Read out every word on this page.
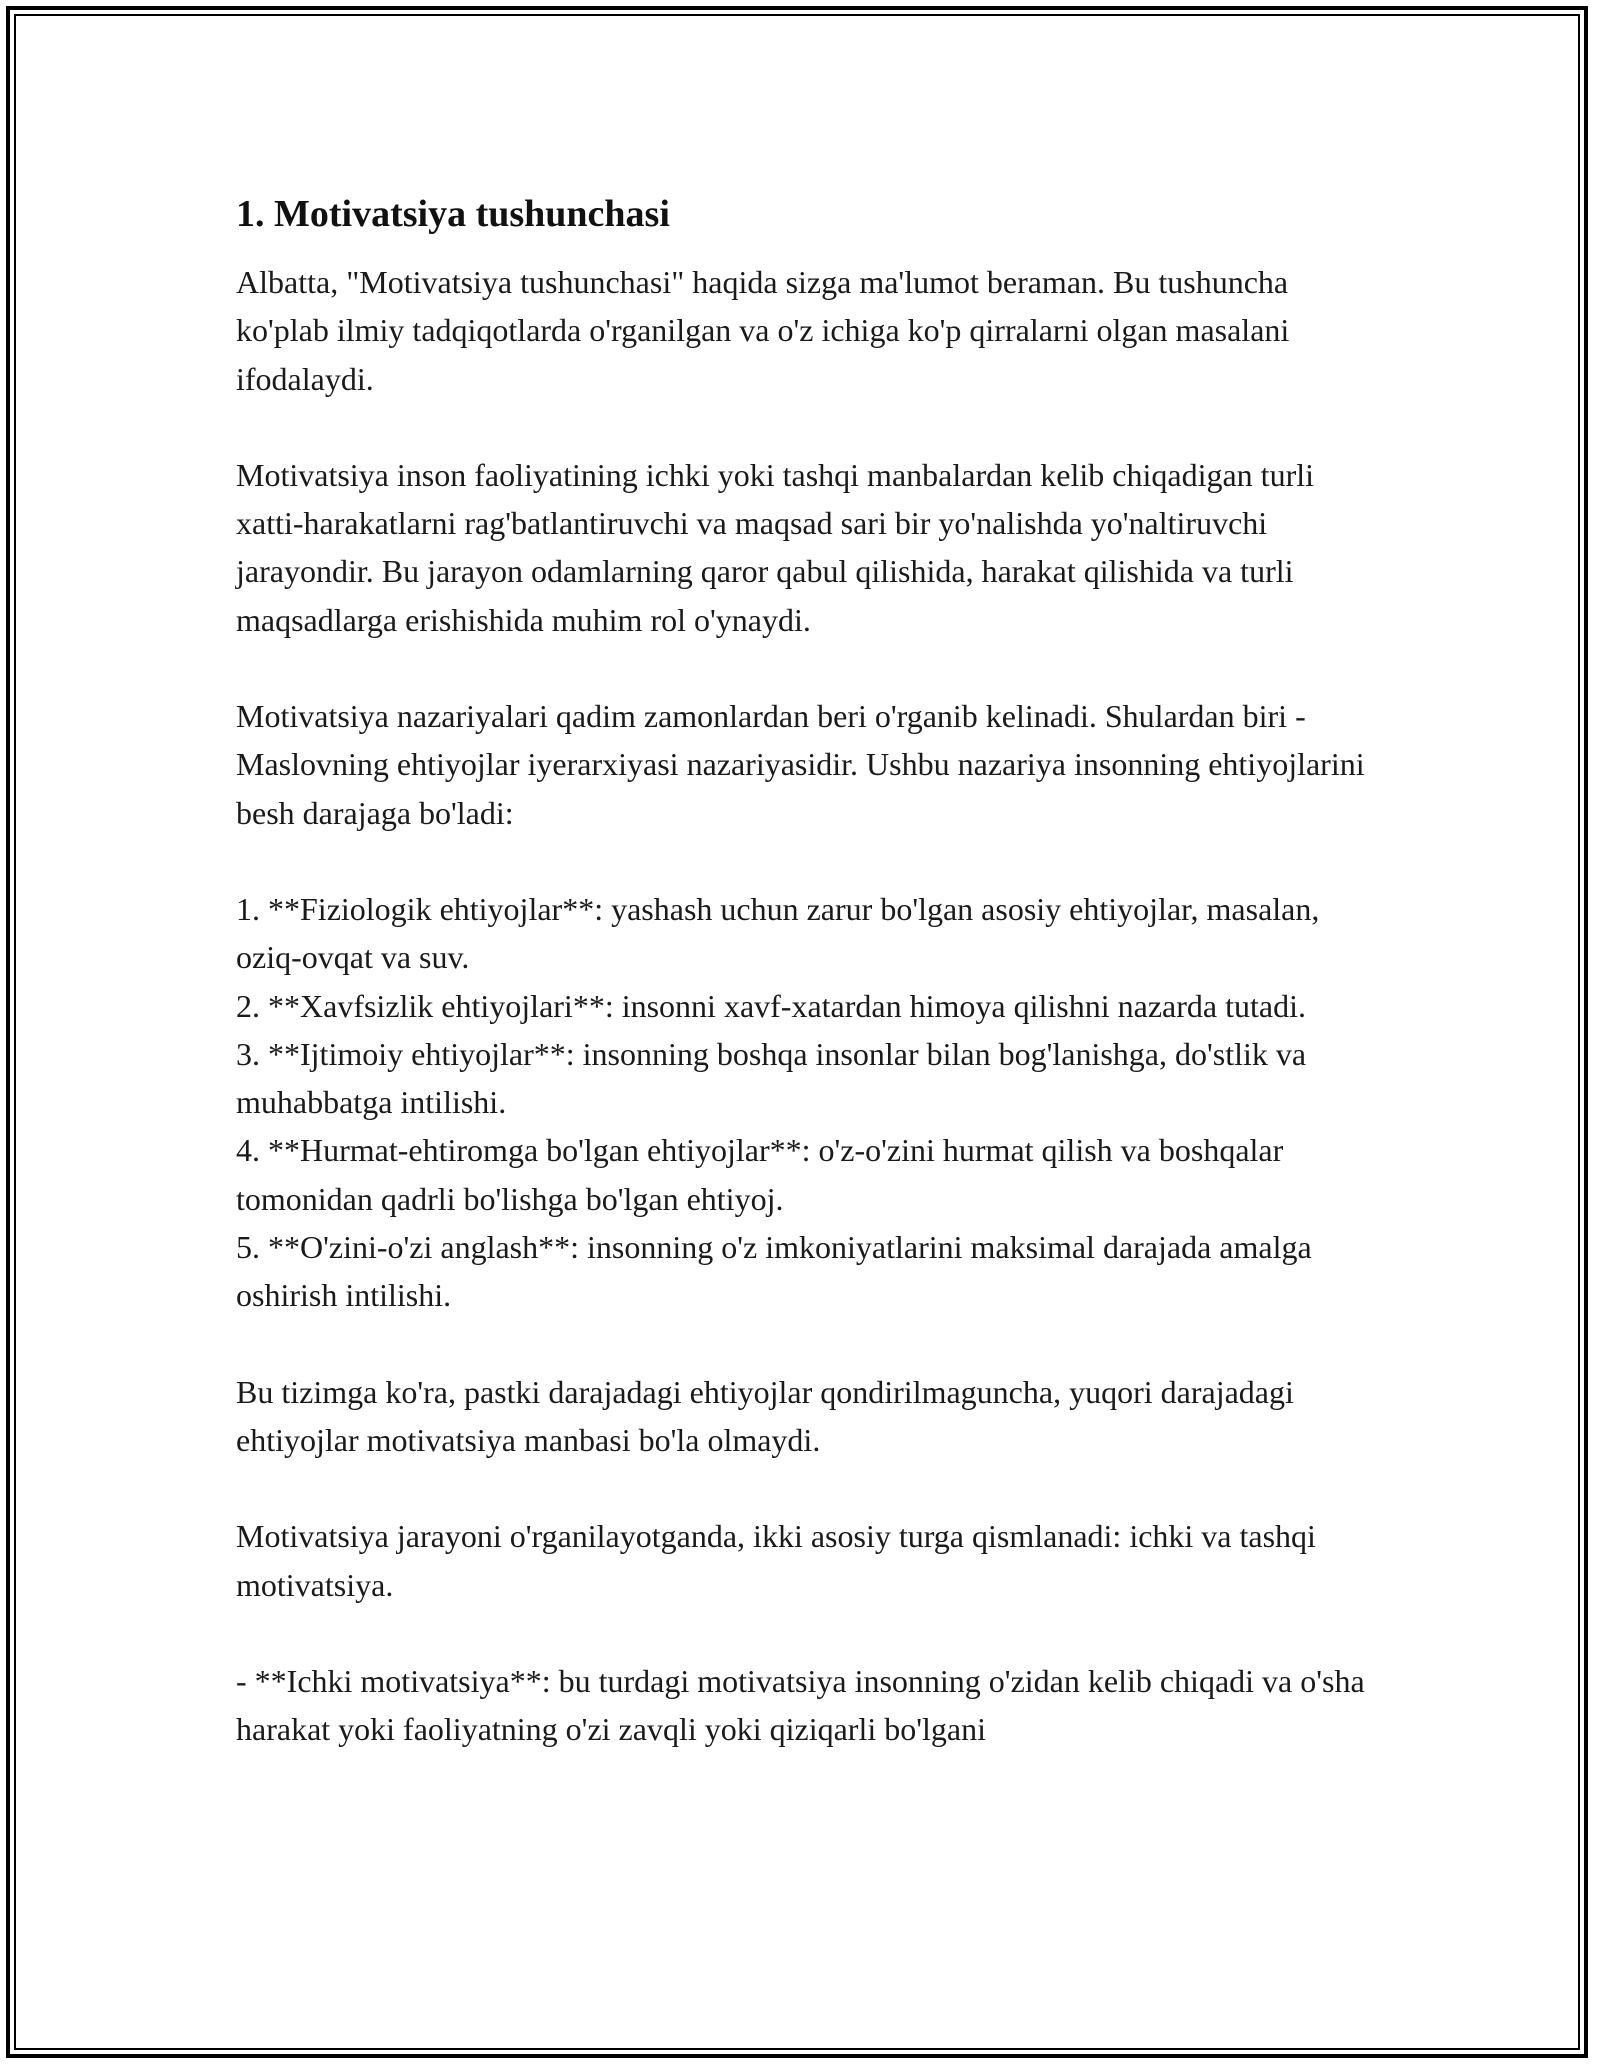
1. Motivatsiya tushunchasi

Albatta, "Motivatsiya tushunchasi" haqida sizga ma'lumot beraman. Bu tushuncha ko'plab ilmiy tadqiqotlarda o'rganilgan va o'z ichiga ko'p qirralarni olgan masalani ifodalaydi.

Motivatsiya inson faoliyatining ichki yoki tashqi manbalardan kelib chiqadigan turli xatti-harakatlarni rag'batlantiruvchi va maqsad sari bir yo'nalishda yo'naltiruvchi jarayondir. Bu jarayon odamlarning qaror qabul qilishida, harakat qilishida va turli maqsadlarga erishishida muhim rol o'ynaydi.

Motivatsiya nazariyalari qadim zamonlardan beri o'rganib kelinadi. Shulardan biri - Maslovning ehtiyojlar iyerarxiyasi nazariyasidir. Ushbu nazariya insonning ehtiyojlarini besh darajaga bo'ladi:

1. **Fiziologik ehtiyojlar**: yashash uchun zarur bo'lgan asosiy ehtiyojlar, masalan, oziq-ovqat va suv.

2. **Xavfsizlik ehtiyojlari**: insonni xavf-xatardan himoya qilishni nazarda tutadi.

3. **Ijtimoiy ehtiyojlar**: insonning boshqa insonlar bilan bog'lanishga, do'stlik va muhabbatga intilishi.

4. **Hurmat-ehtiromga bo'lgan ehtiyojlar**: o'z-o'zini hurmat qilish va boshqalar tomonidan qadrli bo'lishga bo'lgan ehtiyoj.

5. **O'zini-o'zi anglash**: insonning o'z imkoniyatlarini maksimal darajada amalga oshirish intilishi.

Bu tizimga ko'ra, pastki darajadagi ehtiyojlar qondirilmaguncha, yuqori darajadagi ehtiyojlar motivatsiya manbasi bo'la olmaydi.

Motivatsiya jarayoni o'rganilayotganda, ikki asosiy turga qismlanadi: ichki va tashqi motivatsiya.

- **Ichki motivatsiya**: bu turdagi motivatsiya insonning o'zidan kelib chiqadi va o'sha harakat yoki faoliyatning o'zi zavqli yoki qiziqarli bo'lgani
